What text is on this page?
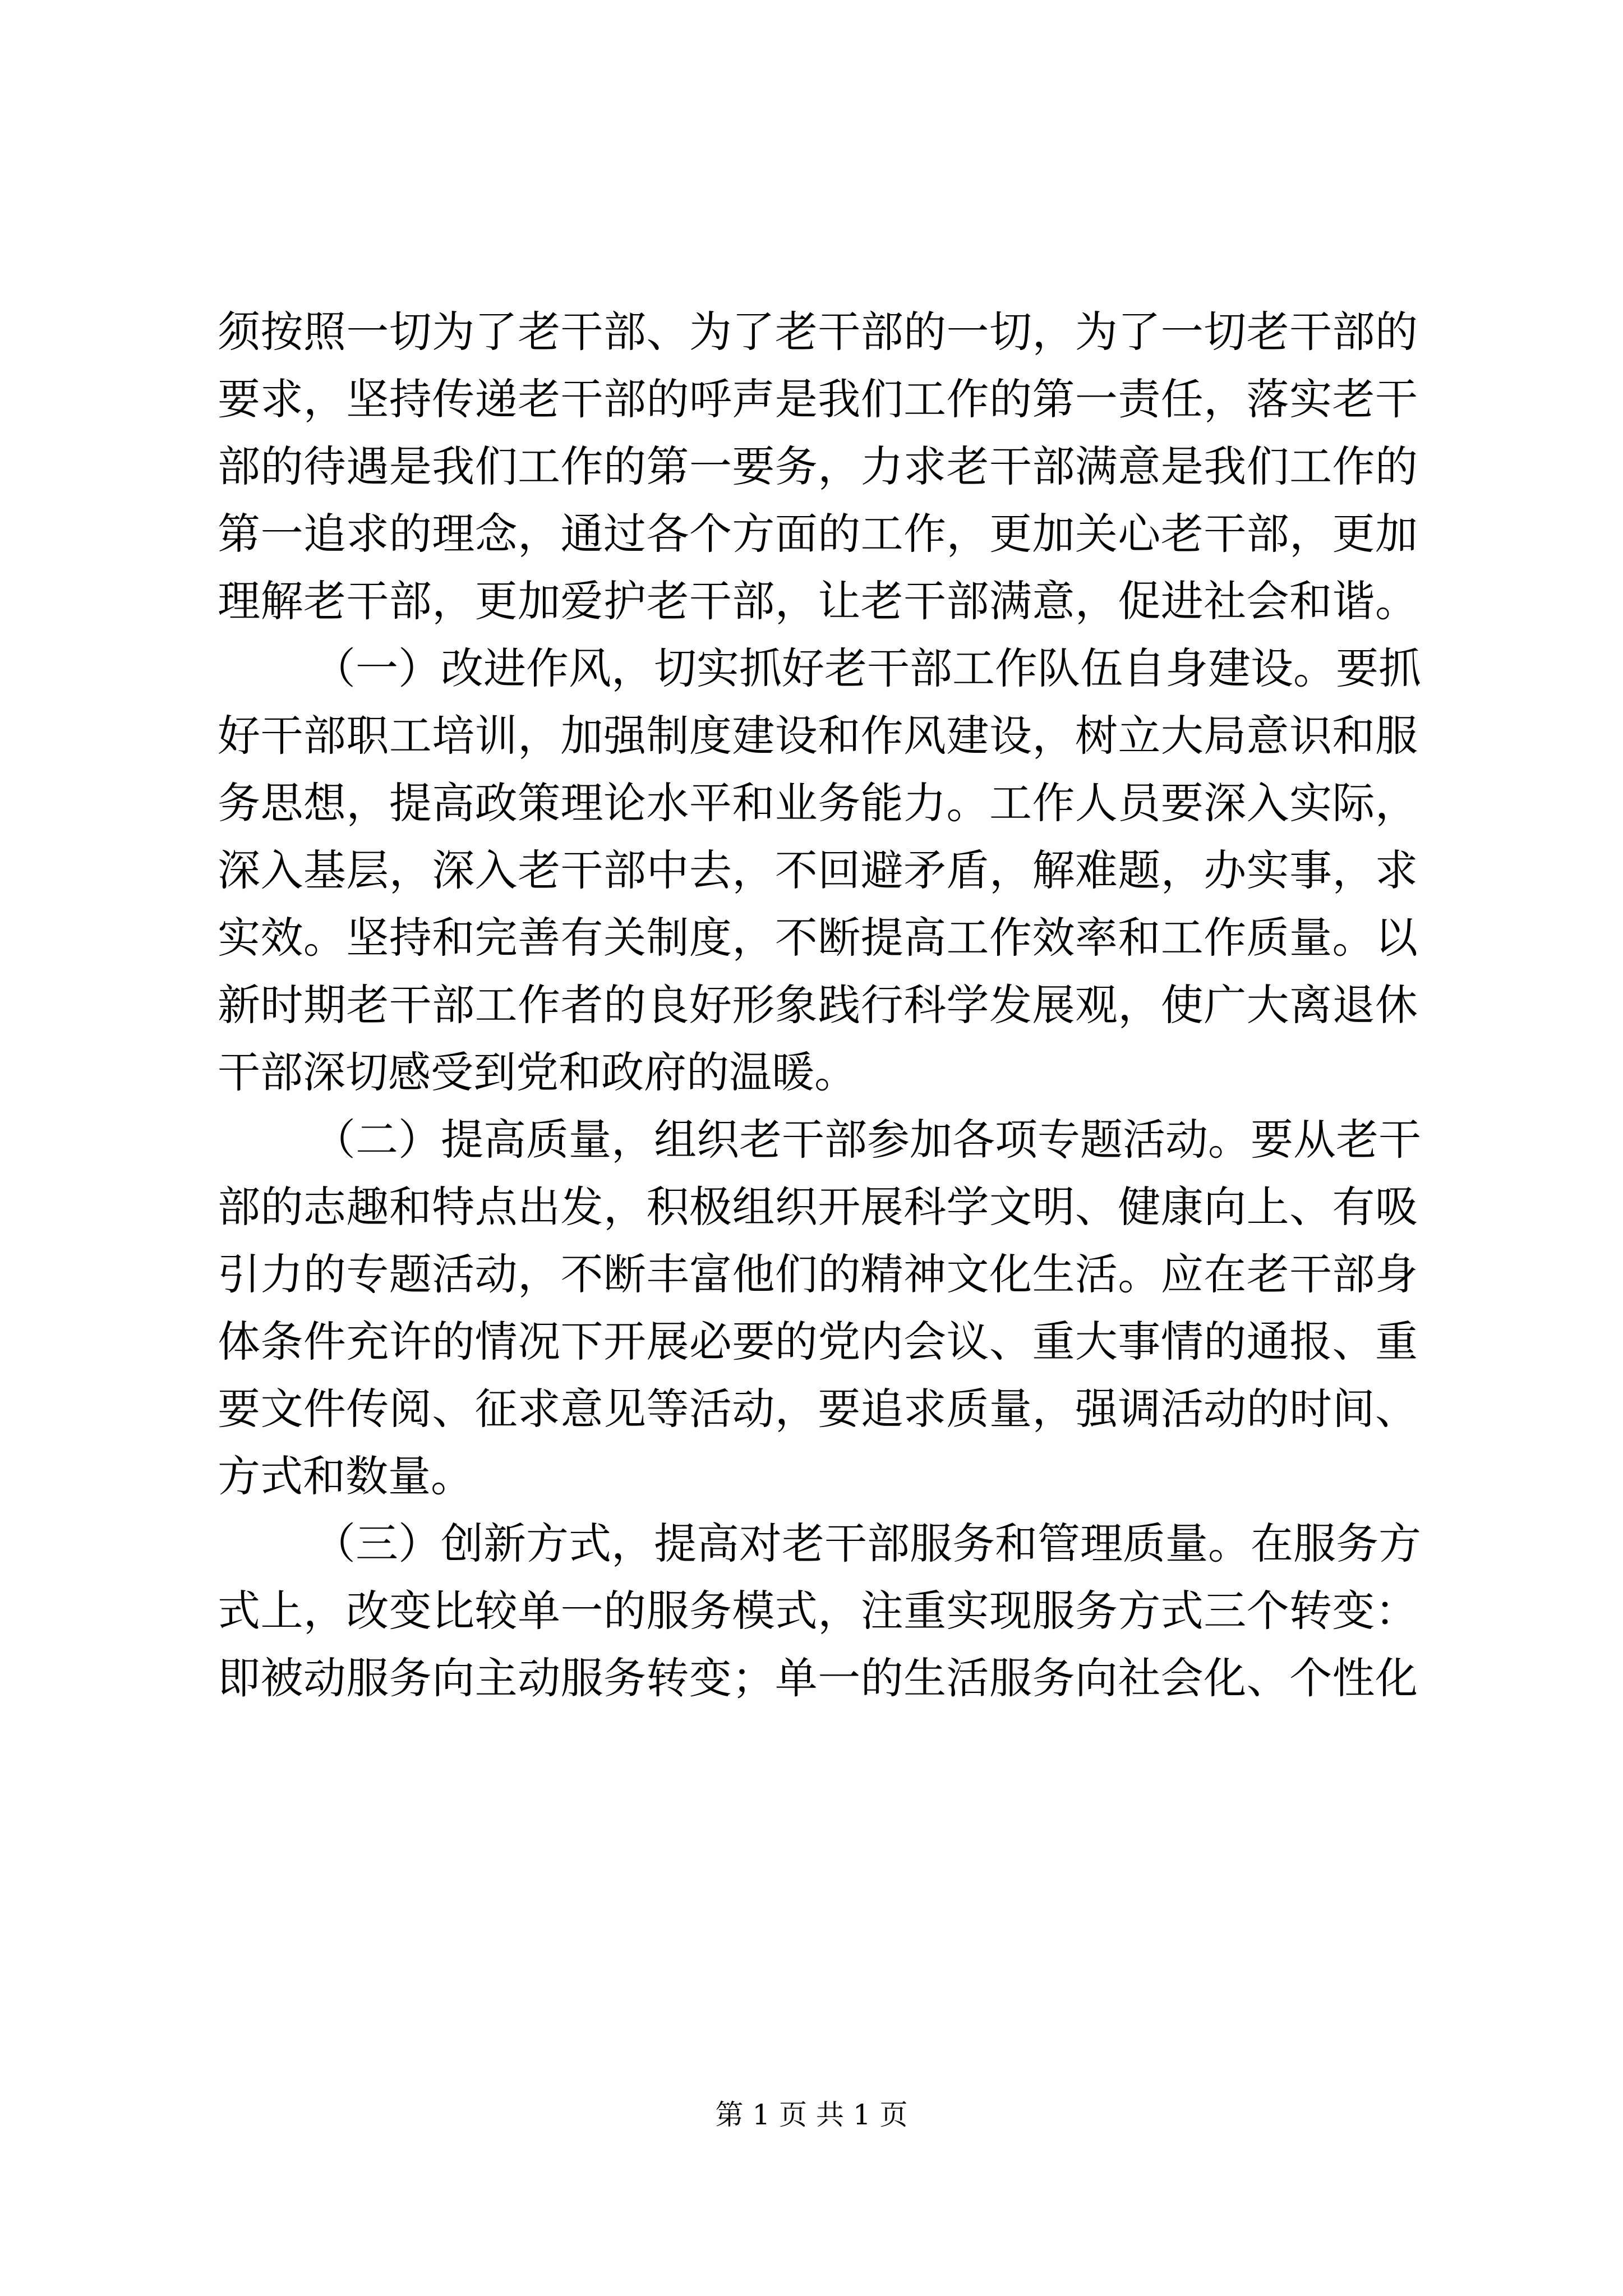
须按照一切为了老干部、为了老干部的一切，为了一切老干部的
要求，坚持传递老干部的呼声是我们工作的第一责任，落实老干
部的待遇是我们工作的第一要务，力求老干部满意是我们工作的
第一追求的理念，通过各个方面的工作，更加关心老干部，更加
理解老干部，更加爱护老干部，让老干部满意，促进社会和谐。
（一）改进作风，切实抓好老干部工作队伍自身建设。要抓
好干部职工培训，加强制度建设和作风建设，树立大局意识和服
务思想，提高政策理论水平和业务能力。工作人员要深入实际，
深入基层，深入老干部中去，不回避矛盾，解难题，办实事，求
实效。坚持和完善有关制度，不断提高工作效率和工作质量。以
新时期老干部工作者的良好形象践行科学发展观，使广大离退休
干部深切感受到党和政府的温暖。
（二）提高质量，组织老干部参加各项专题活动。要从老干
部的志趣和特点出发，积极组织开展科学文明、健康向上、有吸
引力的专题活动，不断丰富他们的精神文化生活。应在老干部身
体条件充许的情况下开展必要的党内会议、重大事情的通报、重
要文件传阅、征求意见等活动，要追求质量，强调活动的时间、
方式和数量。
（三）创新方式，提高对老干部服务和管理质量。在服务方
式上，改变比较单一的服务模式，注重实现服务方式三个转变：
即被动服务向主动服务转变；单一的生活服务向社会化、个性化
第 1 页 共 1 页
